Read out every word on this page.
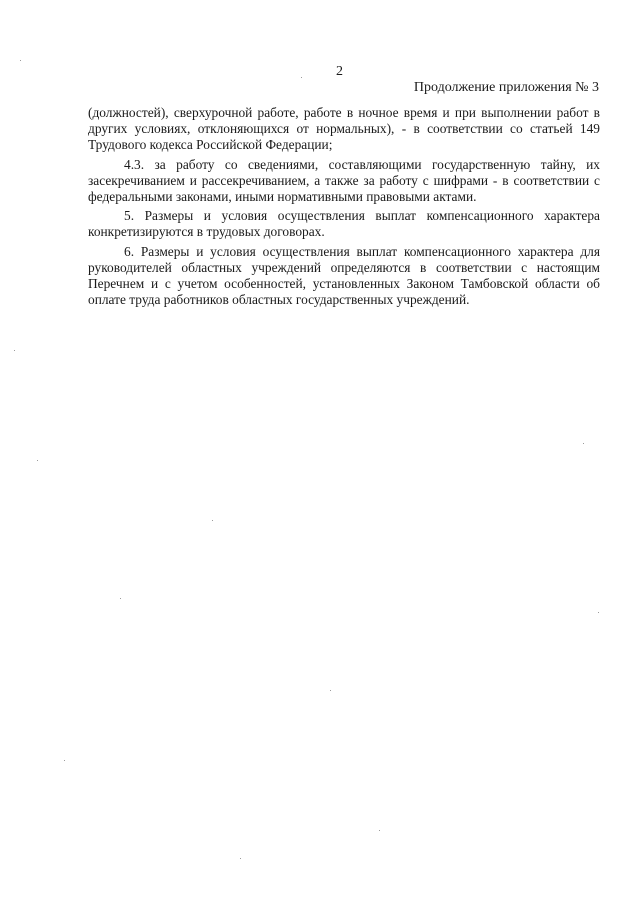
2
Продолжение приложения № 3

(должностей), сверхурочной работе, работе в ночное время и при выполнении работ в других условиях, отклоняющихся от нормальных), - в соответствии со статьей 149 Трудового кодекса Российской Федерации;

4.3. за работу со сведениями, составляющими государственную тайну, их засекречиванием и рассекречиванием, а также за работу с шифрами - в соответствии с федеральными законами, иными нормативными правовыми актами.

5. Размеры и условия осуществления выплат компенсационного характера конкретизируются в трудовых договорах.

6. Размеры и условия осуществления выплат компенсационного характера для руководителей областных учреждений определяются в соответствии с настоящим Перечнем и с учетом особенностей, установленных Законом Тамбовской области об оплате труда работников областных государственных учреждений.
